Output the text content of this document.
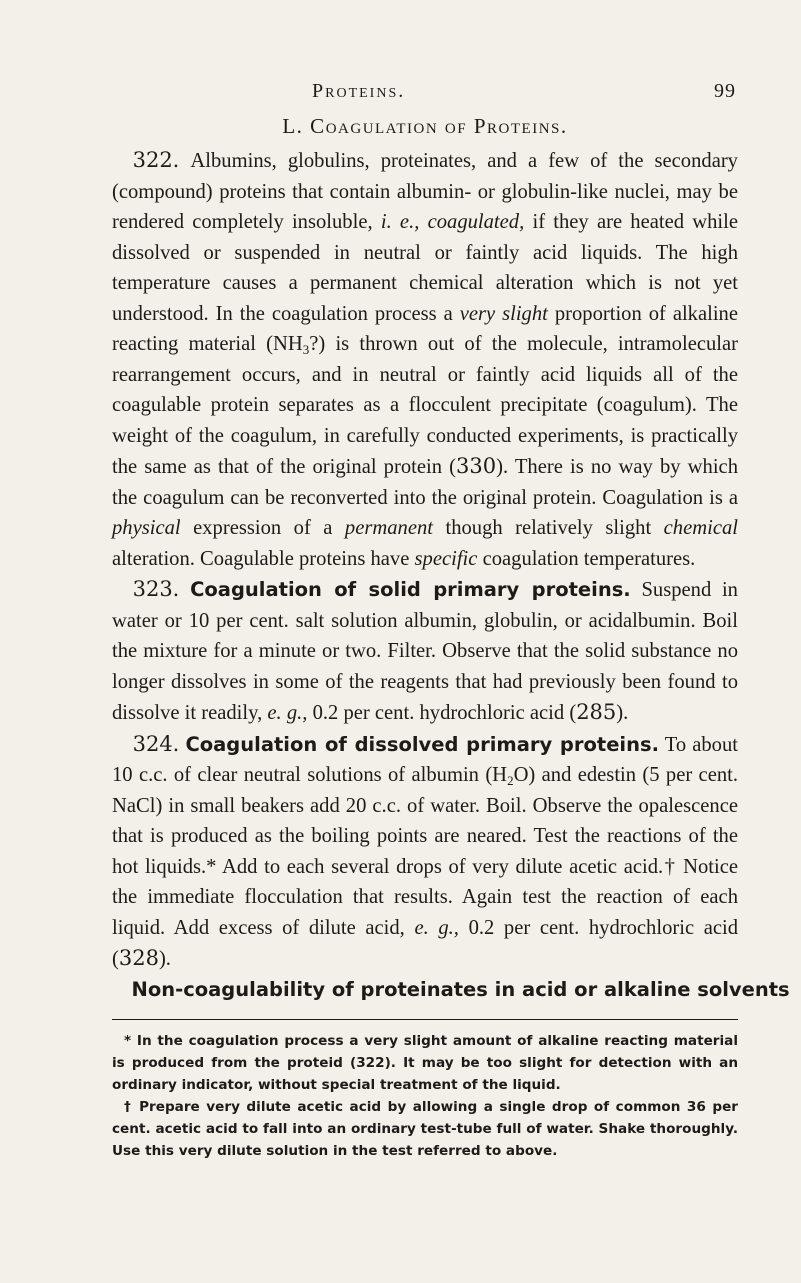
Proteins.	99
L. Coagulation of Proteins.

 322. Albumins, globulins, proteinates, and a few of the secondary (compound) proteins that contain albumin- or globulin-like nuclei, may be rendered completely insoluble, i. e., coagulated, if they are heated while dissolved or suspended in neutral or faintly acid liquids. The high temperature causes a permanent chemical alteration which is not yet understood. In the coagulation process a very slight proportion of alkaline reacting material $(NH_3?)$ is thrown out of the molecule, intramolecular rearrangement occurs, and in neutral or faintly acid liquids all of the coagulable protein separates as a flocculent precipitate (coagulum). The weight of the coagulum, in carefully conducted experiments, is practically the same as that of the original protein (330). There is no way by which the coagulum can be reconverted into the original protein. Coagulation is a physical expression of a permanent though relatively slight chemical alteration. Coagulable proteins have specific coagulation temperatures.

 323. Coagulation of solid primary proteins. Suspend in water or 10 per cent. salt solution albumin, globulin, or acidalbumin. Boil the mixture for a minute or two. Filter. Observe that the solid substance no longer dissolves in some of the reagents that had previously been found to dissolve it readily, e. g., 0.2 per cent. hydrochloric acid (285).

 324. Coagulation of dissolved primary proteins. To about 10 c.c. of clear neutral solutions of albumin $(H_2O)$ and edestin (5 per cent. NaCl) in small beakers add 20 c.c. of water. Boil. Observe the opalescence that is produced as the boiling points are neared. Test the reactions of the hot liquids.* Add to each several drops of very dilute acetic acid.† Notice the immediate flocculation that results. Again test the reaction of each liquid. Add excess of dilute acid, e. g., 0.2 per cent. hydrochloric acid (328).

 Non-coagulability of proteinates in acid or alkaline solvents

* In the coagulation process a very slight amount of alkaline reacting material is produced from the proteid (322). It may be too slight for detection with an ordinary indicator, without special treatment of the liquid.

† Prepare very dilute acetic acid by allowing a single drop of common 36 per cent. acetic acid to fall into an ordinary test-tube full of water. Shake thoroughly. Use this very dilute solution in the test referred to above.
